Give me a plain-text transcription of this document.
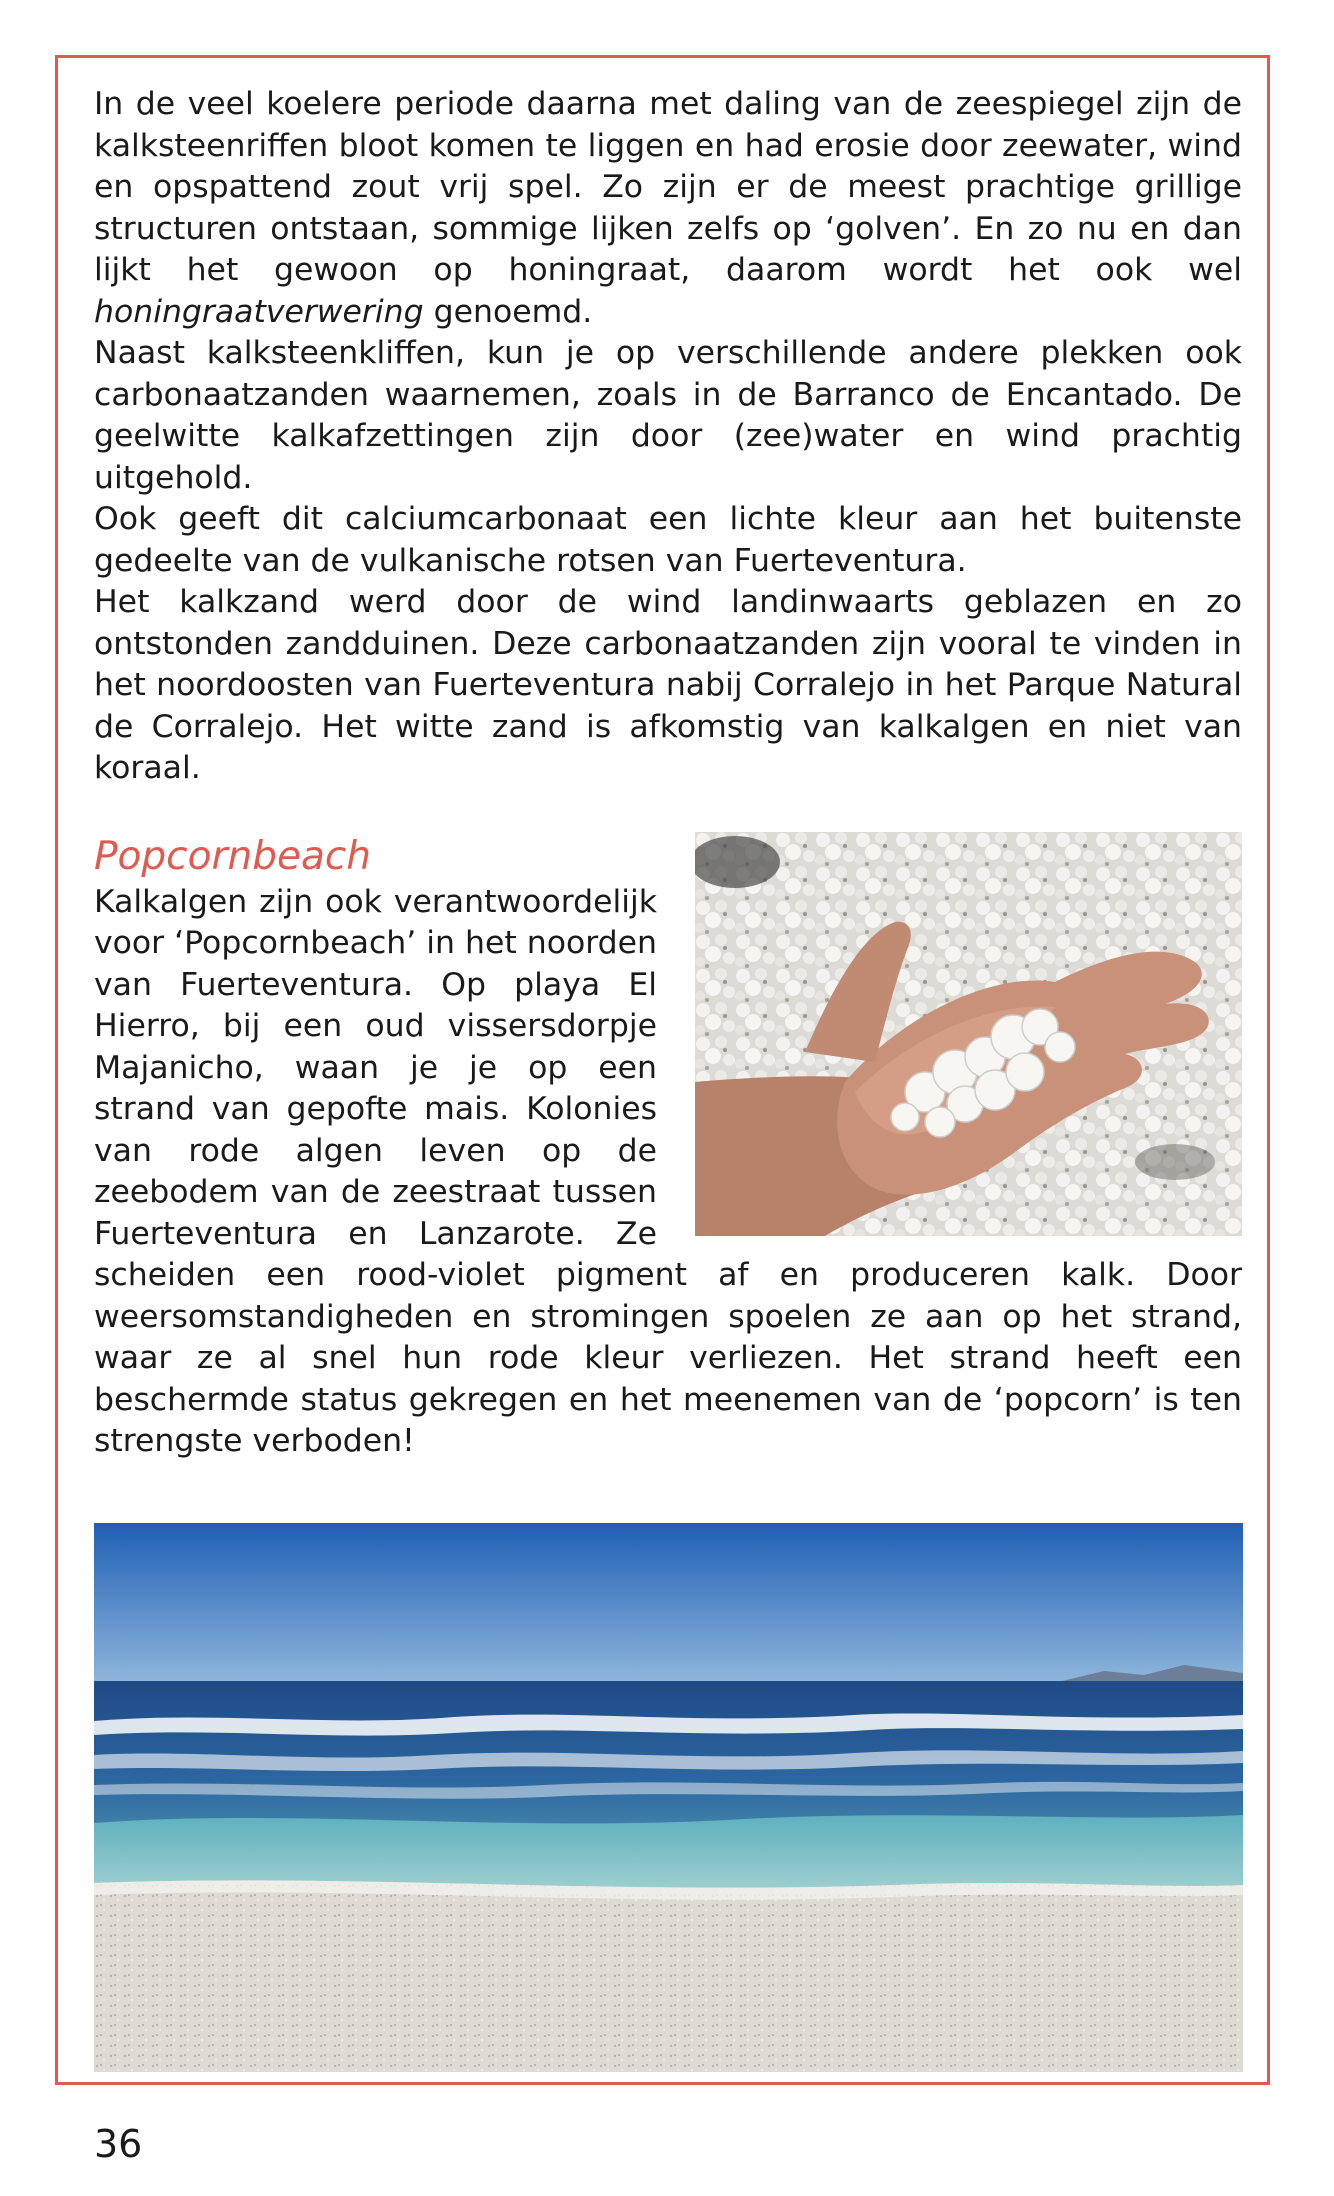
In de veel koelere periode daarna met daling van de zeespiegel zijn de kalksteenriffen bloot komen te liggen en had erosie door zeewater, wind en opspattend zout vrij spel. Zo zijn er de meest prachtige grillige structuren ontstaan, sommige lijken zelfs op ‘golven’. En zo nu en dan lijkt het gewoon op honingraat, daarom wordt het ook wel honingraatverwering genoemd.

Naast kalksteenkliffen, kun je op verschillende andere plekken ook carbonaatzanden waarnemen, zoals in de Barranco de Encantado. De geelwitte kalkafzettingen zijn door (zee)water en wind prachtig uitgehold.

Ook geeft dit calciumcarbonaat een lichte kleur aan het buitenste gedeelte van de vulkanische rotsen van Fuerteventura.

Het kalkzand werd door de wind landinwaarts geblazen en zo ontstonden zandduinen. Deze carbonaatzanden zijn vooral te vinden in het noordoosten van Fuerteventura nabij Corralejo in het Parque Natural de Corralejo. Het witte zand is afkomstig van kalkalgen en niet van koraal.

Popcornbeach

Kalkalgen zijn ook verantwoordelijk voor ‘Popcornbeach’ in het noorden van Fuerteventura. Op playa El Hierro, bij een oud vissersdorpje Majanicho, waan je je op een strand van gepofte mais. Kolonies van rode algen leven op de zeebodem van de zeestraat tussen Fuerteventura en Lanzarote. Ze scheiden een rood-violet pigment af en produceren kalk. Door weersomstandigheden en stromingen spoelen ze aan op het strand, waar ze al snel hun rode kleur verliezen. Het strand heeft een beschermde status gekregen en het meenemen van de ‘popcorn’ is ten strengste verboden!

36
